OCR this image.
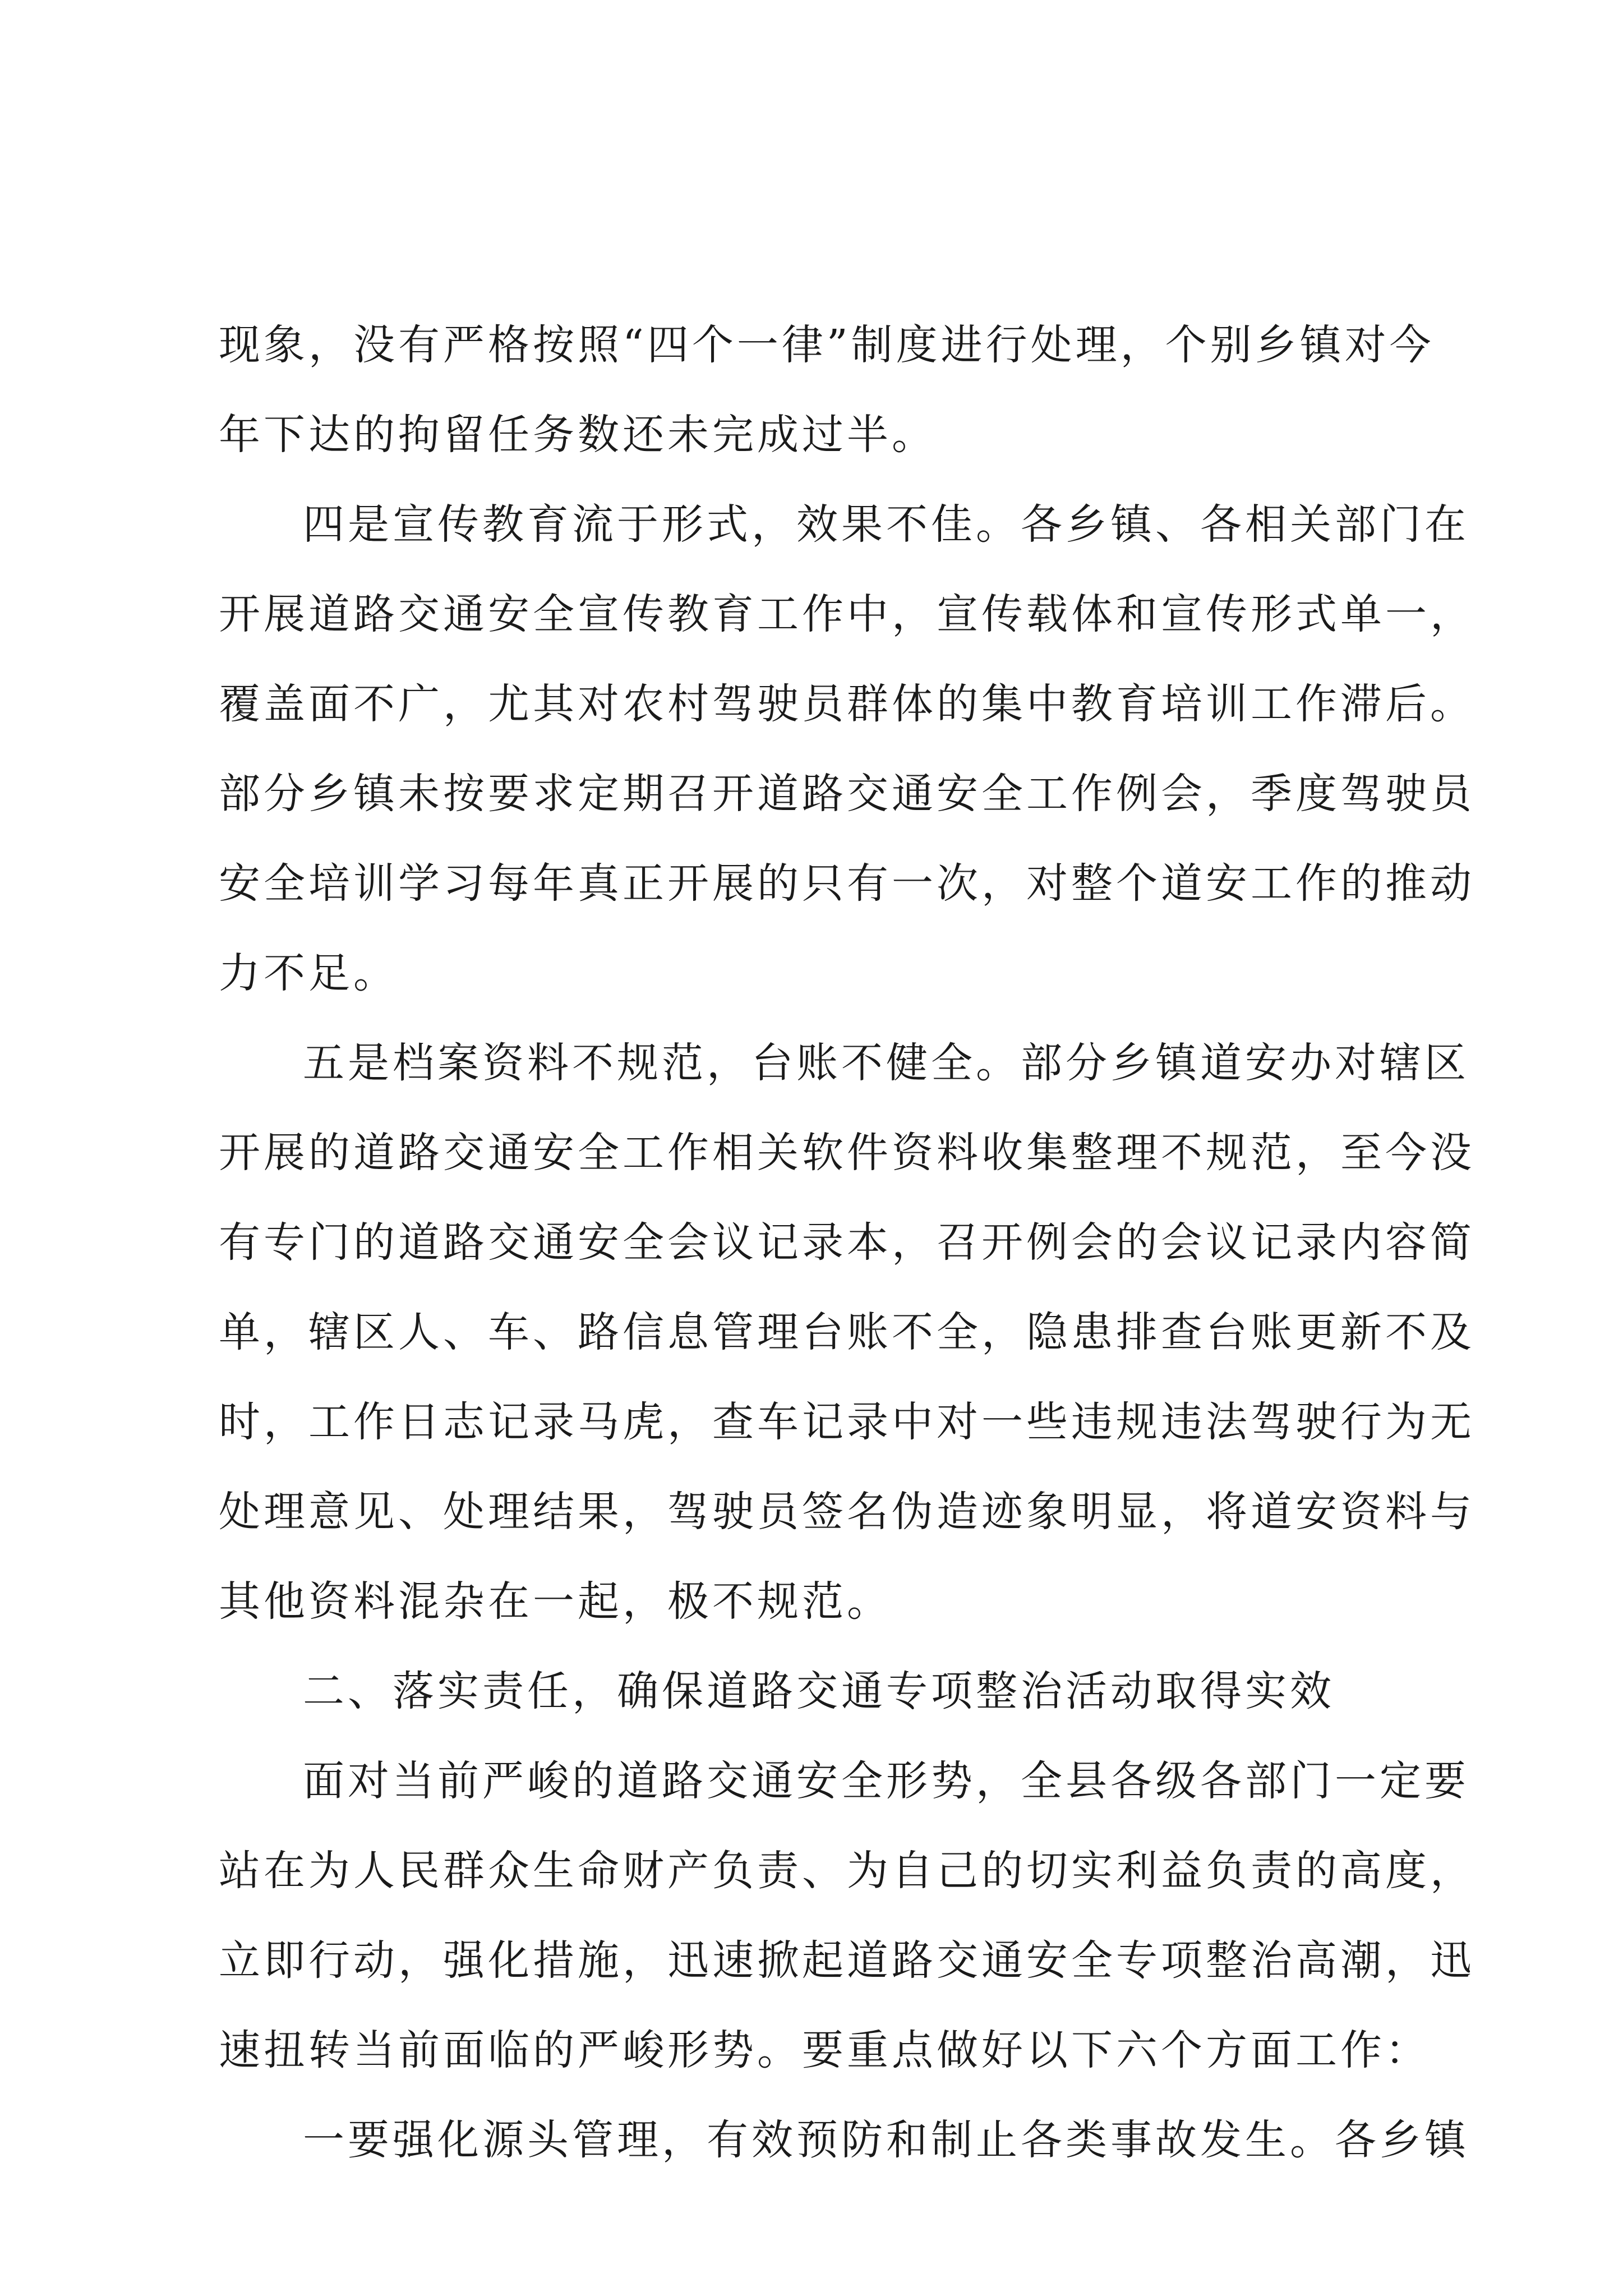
现象，没有严格按照“四个一律”制度进行处理，个别乡镇对今
年下达的拘留任务数还未完成过半。
四是宣传教育流于形式，效果不佳。各乡镇、各相关部门在
开展道路交通安全宣传教育工作中，宣传载体和宣传形式单一，
覆盖面不广，尤其对农村驾驶员群体的集中教育培训工作滞后。
部分乡镇未按要求定期召开道路交通安全工作例会，季度驾驶员
安全培训学习每年真正开展的只有一次，对整个道安工作的推动
力不足。
五是档案资料不规范，台账不健全。部分乡镇道安办对辖区
开展的道路交通安全工作相关软件资料收集整理不规范，至今没
有专门的道路交通安全会议记录本，召开例会的会议记录内容简
单，辖区人、车、路信息管理台账不全，隐患排查台账更新不及
时，工作日志记录马虎，查车记录中对一些违规违法驾驶行为无
处理意见、处理结果，驾驶员签名伪造迹象明显，将道安资料与
其他资料混杂在一起，极不规范。
二、落实责任，确保道路交通专项整治活动取得实效
面对当前严峻的道路交通安全形势，全县各级各部门一定要
站在为人民群众生命财产负责、为自己的切实利益负责的高度，
立即行动，强化措施，迅速掀起道路交通安全专项整治高潮，迅
速扭转当前面临的严峻形势。要重点做好以下六个方面工作：
一要强化源头管理，有效预防和制止各类事故发生。各乡镇
